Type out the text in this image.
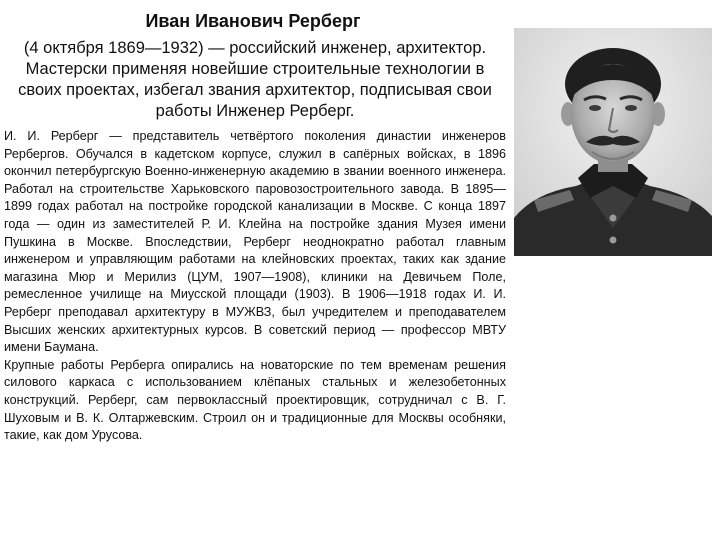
Иван Иванович Рерберг

(4 октября 1869—1932) — российский инженер, архитектор. Мастерски применяя новейшие строительные технологии в своих проектах, избегал звания архитектор, подписывая свои работы Инженер Рерберг.

И. И. Рерберг — представитель четвёртого поколения династии инженеров Рербергов. Обучался в кадетском корпусе, служил в сапёрных войсках, в 1896 окончил петербургскую Военно-инженерную академию в звании военного инженера. Работал на строительстве Харьковского паровозостроительного завода. В 1895—1899 годах работал на постройке городской канализации в Москве. С конца 1897 года — один из заместителей Р. И. Клейна на постройке здания Музея имени Пушкина в Москве. Впоследствии, Рерберг неоднократно работал главным инженером и управляющим работами на клейновских проектах, таких как здание магазина Мюр и Мерилиз (ЦУМ, 1907—1908), клиники на Девичьем Поле, ремесленное училище на Миусской площади (1903). В 1906—1918 годах И. И. Рерберг преподавал архитектуру в МУЖВЗ, был учредителем и преподавателем Высших женских архитектурных курсов. В советский период — профессор МВТУ имени Баумана.

Крупные работы Рерберга опирались на новаторские по тем временам решения силового каркаса с использованием клёпаных стальных и железобетонных конструкций. Рерберг, сам первоклассный проектировщик, сотрудничал с В. Г. Шуховым и В. К. Олтаржевским. Строил он и традиционные для Москвы особняки, такие, как дом Урусова.
